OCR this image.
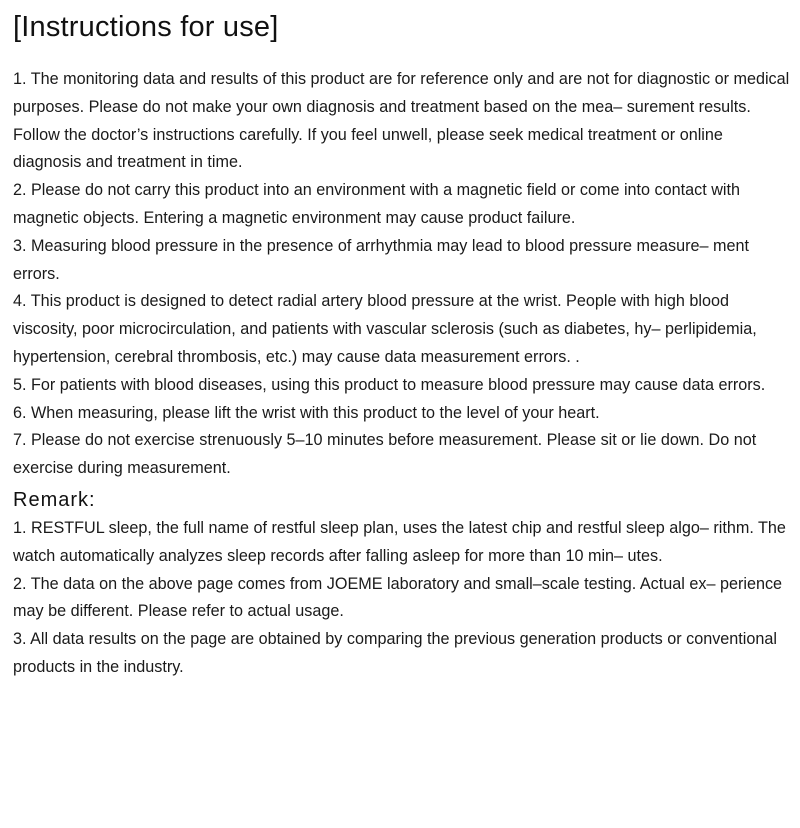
[Instructions for use]

1. The monitoring data and results of this product are for reference only and are not for diagnostic or medical purposes. Please do not make your own diagnosis and treatment based on the mea– surement results. Follow the doctor’s instructions carefully. If you feel unwell, please seek medical treatment or online diagnosis and treatment in time.

2. Please do not carry this product into an environment with a magnetic field or come into contact with magnetic objects. Entering a magnetic environment may cause product failure.

3. Measuring blood pressure in the presence of arrhythmia may lead to blood pressure measure– ment errors.

4. This product is designed to detect radial artery blood pressure at the wrist. People with high blood viscosity, poor microcirculation, and patients with vascular sclerosis (such as diabetes, hy– perlipidemia, hypertension, cerebral thrombosis, etc.) may cause data measurement errors. .

5. For patients with blood diseases, using this product to measure blood pressure may cause data errors.

6. When measuring, please lift the wrist with this product to the level of your heart.

7. Please do not exercise strenuously 5–10 minutes before measurement. Please sit or lie down. Do not exercise during measurement.

Remark:

1. RESTFUL sleep, the full name of restful sleep plan, uses the latest chip and restful sleep algo– rithm. The watch automatically analyzes sleep records after falling asleep for more than 10 min– utes.

2. The data on the above page comes from JOEME laboratory and small–scale testing. Actual ex– perience may be different. Please refer to actual usage.

3. All data results on the page are obtained by comparing the previous generation products or conventional products in the industry.
